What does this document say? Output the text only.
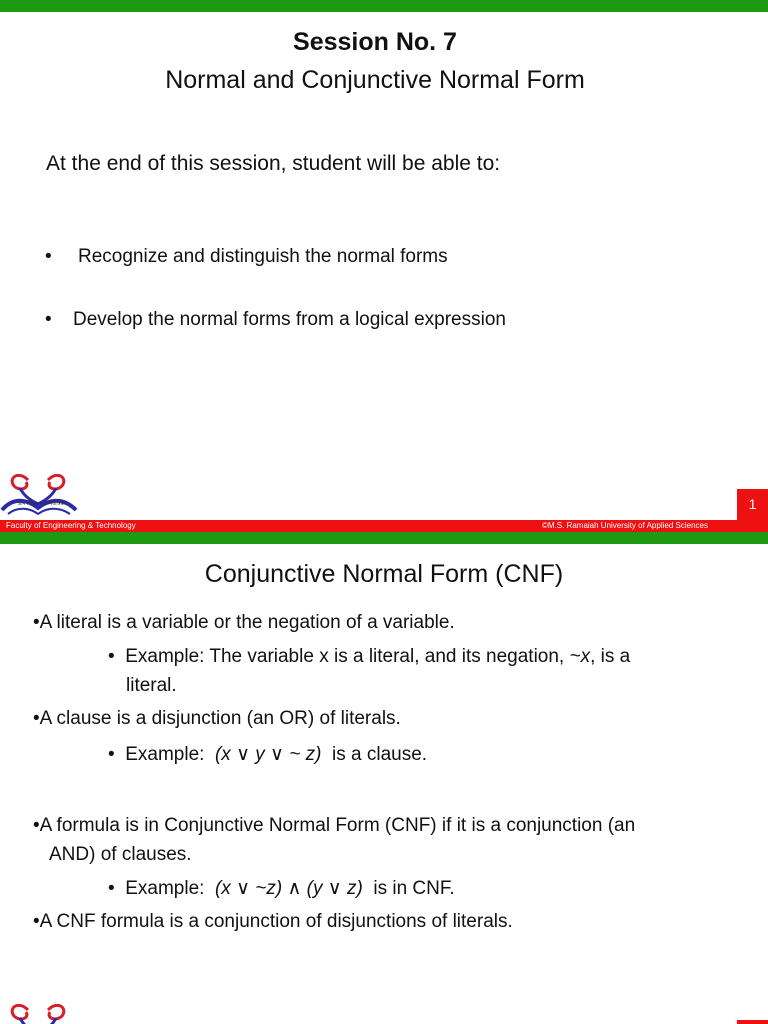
Session No. 7
Normal and Conjunctive Normal Form
At the end of this session, student will be able to:
• Recognize and distinguish the normal forms
• Develop the normal forms from a logical expression
ज्ञान विज्ञान व अभियांत्रिकी	1
Faculty of Engineering & Technology	©M.S. Ramaiah University of Applied Sciences
Conjunctive Normal Form (CNF)
•A literal is a variable or the negation of a variable.
•  Example: The variable x is a literal, and its negation, ~x, is a
literal.
•A clause is a disjunction (an OR) of literals.
•  Example: (x ∨ y ∨ ~ z) is a clause.
•A formula is in Conjunctive Normal Form (CNF) if it is a conjunction (an
AND) of clauses.
•  Example: (x ∨ ~z) ∧ (y ∨ z) is in CNF.
•A CNF formula is a conjunction of disjunctions of literals.
